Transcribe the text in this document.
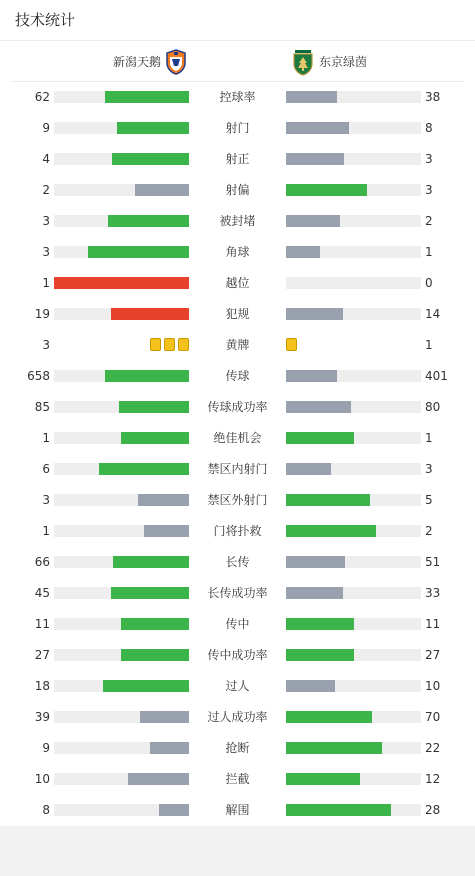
技术统计
新潟天鹅	东京绿茵
62	控球率	38
9	射门	8
4	射正	3
2	射偏	3
3	被封堵	2
3	角球	1
1	越位	0
19	犯规	14
3	黄牌	1
658	传球	401
85	传球成功率	80
1	绝佳机会	1
6	禁区内射门	3
3	禁区外射门	5
1	门将扑救	2
66	长传	51
45	长传成功率	33
11	传中	11
27	传中成功率	27
18	过人	10
39	过人成功率	70
9	抢断	22
10	拦截	12
8	解围	28
